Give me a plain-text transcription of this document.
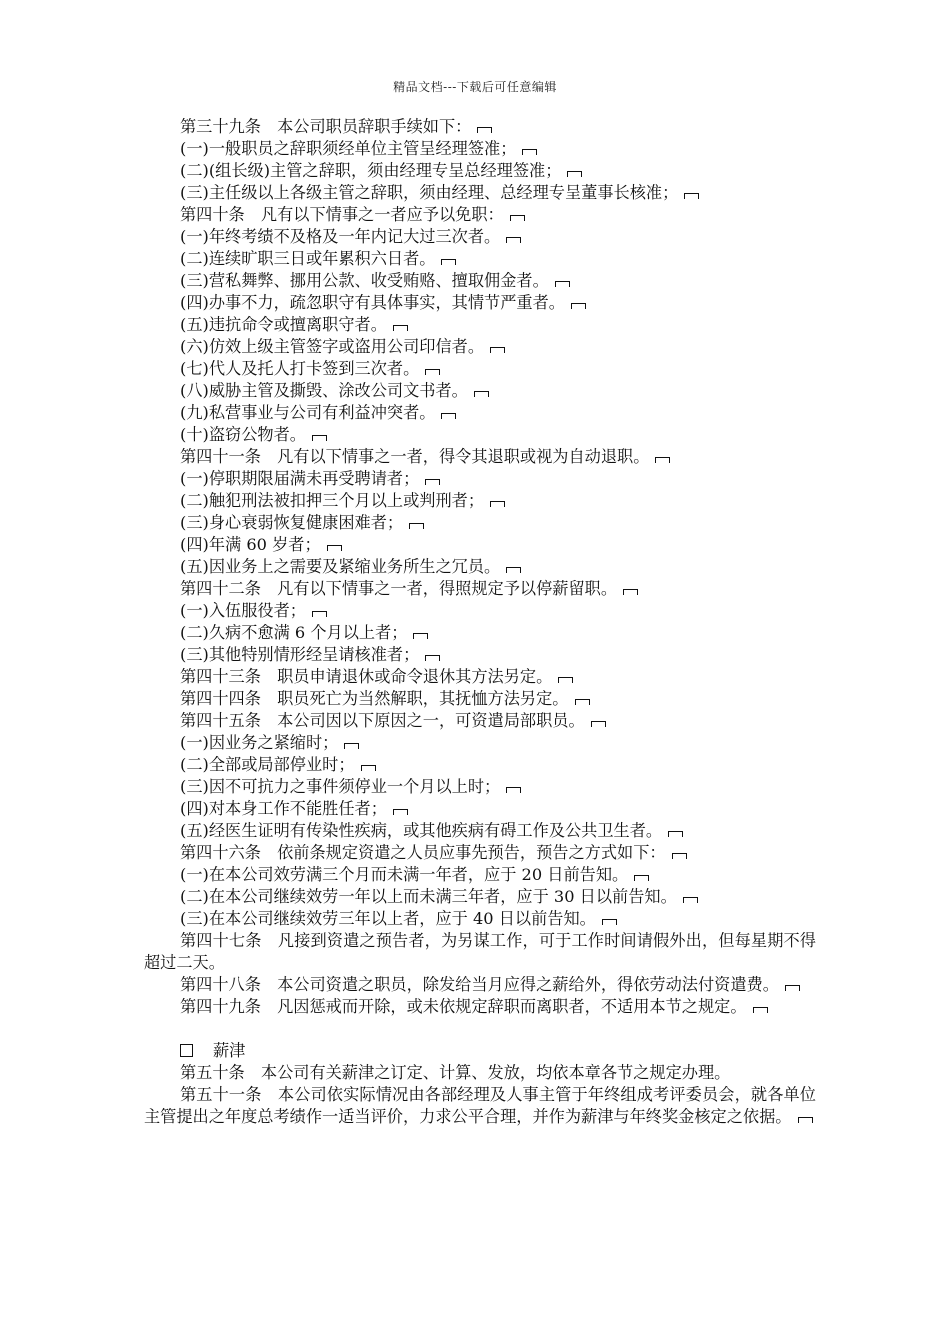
精品文档---下载后可任意编辑
第三十九条　本公司职员辞职手续如下：
(一)一般职员之辞职须经单位主管呈经理签准；
(二)(组长级)主管之辞职，须由经理专呈总经理签准；
(三)主任级以上各级主管之辞职，须由经理、总经理专呈董事长核准；
第四十条　凡有以下情事之一者应予以免职：
(一)年终考绩不及格及一年内记大过三次者。
(二)连续旷职三日或年累积六日者。
(三)营私舞弊、挪用公款、收受贿赂、擅取佣金者。
(四)办事不力，疏忽职守有具体事实，其情节严重者。
(五)违抗命令或擅离职守者。
(六)仿效上级主管签字或盗用公司印信者。
(七)代人及托人打卡签到三次者。
(八)威胁主管及撕毁、涂改公司文书者。
(九)私营事业与公司有利益冲突者。
(十)盗窃公物者。
第四十一条　凡有以下情事之一者，得令其退职或视为自动退职。
(一)停职期限届满未再受聘请者；
(二)触犯刑法被扣押三个月以上或判刑者；
(三)身心衰弱恢复健康困难者；
(四)年满 60 岁者；
(五)因业务上之需要及紧缩业务所生之冗员。
第四十二条　凡有以下情事之一者，得照规定予以停薪留职。
(一)入伍服役者；
(二)久病不愈满 6 个月以上者；
(三)其他特别情形经呈请核准者；
第四十三条　职员申请退休或命令退休其方法另定。
第四十四条　职员死亡为当然解职，其抚恤方法另定。
第四十五条　本公司因以下原因之一，可资遣局部职员。
(一)因业务之紧缩时；
(二)全部或局部停业时；
(三)因不可抗力之事件须停业一个月以上时；
(四)对本身工作不能胜任者；
(五)经医生证明有传染性疾病，或其他疾病有碍工作及公共卫生者。
第四十六条　依前条规定资遣之人员应事先预告，预告之方式如下：
(一)在本公司效劳满三个月而未满一年者，应于 20 日前告知。
(二)在本公司继续效劳一年以上而未满三年者，应于 30 日以前告知。
(三)在本公司继续效劳三年以上者，应于 40 日以前告知。
第四十七条　凡接到资遣之预告者，为另谋工作，可于工作时间请假外出，但每星期不得超过二天。
第四十八条　本公司资遣之职员，除发给当月应得之薪给外，得依劳动法付资遣费。
第四十九条　凡因惩戒而开除，或未依规定辞职而离职者，不适用本节之规定。
薪津
第五十条　本公司有关薪津之订定、计算、发放，均依本章各节之规定办理。
第五十一条　本公司依实际情况由各部经理及人事主管于年终组成考评委员会，就各单位主管提出之年度总考绩作一适当评价，力求公平合理，并作为薪津与年终奖金核定之依据。
